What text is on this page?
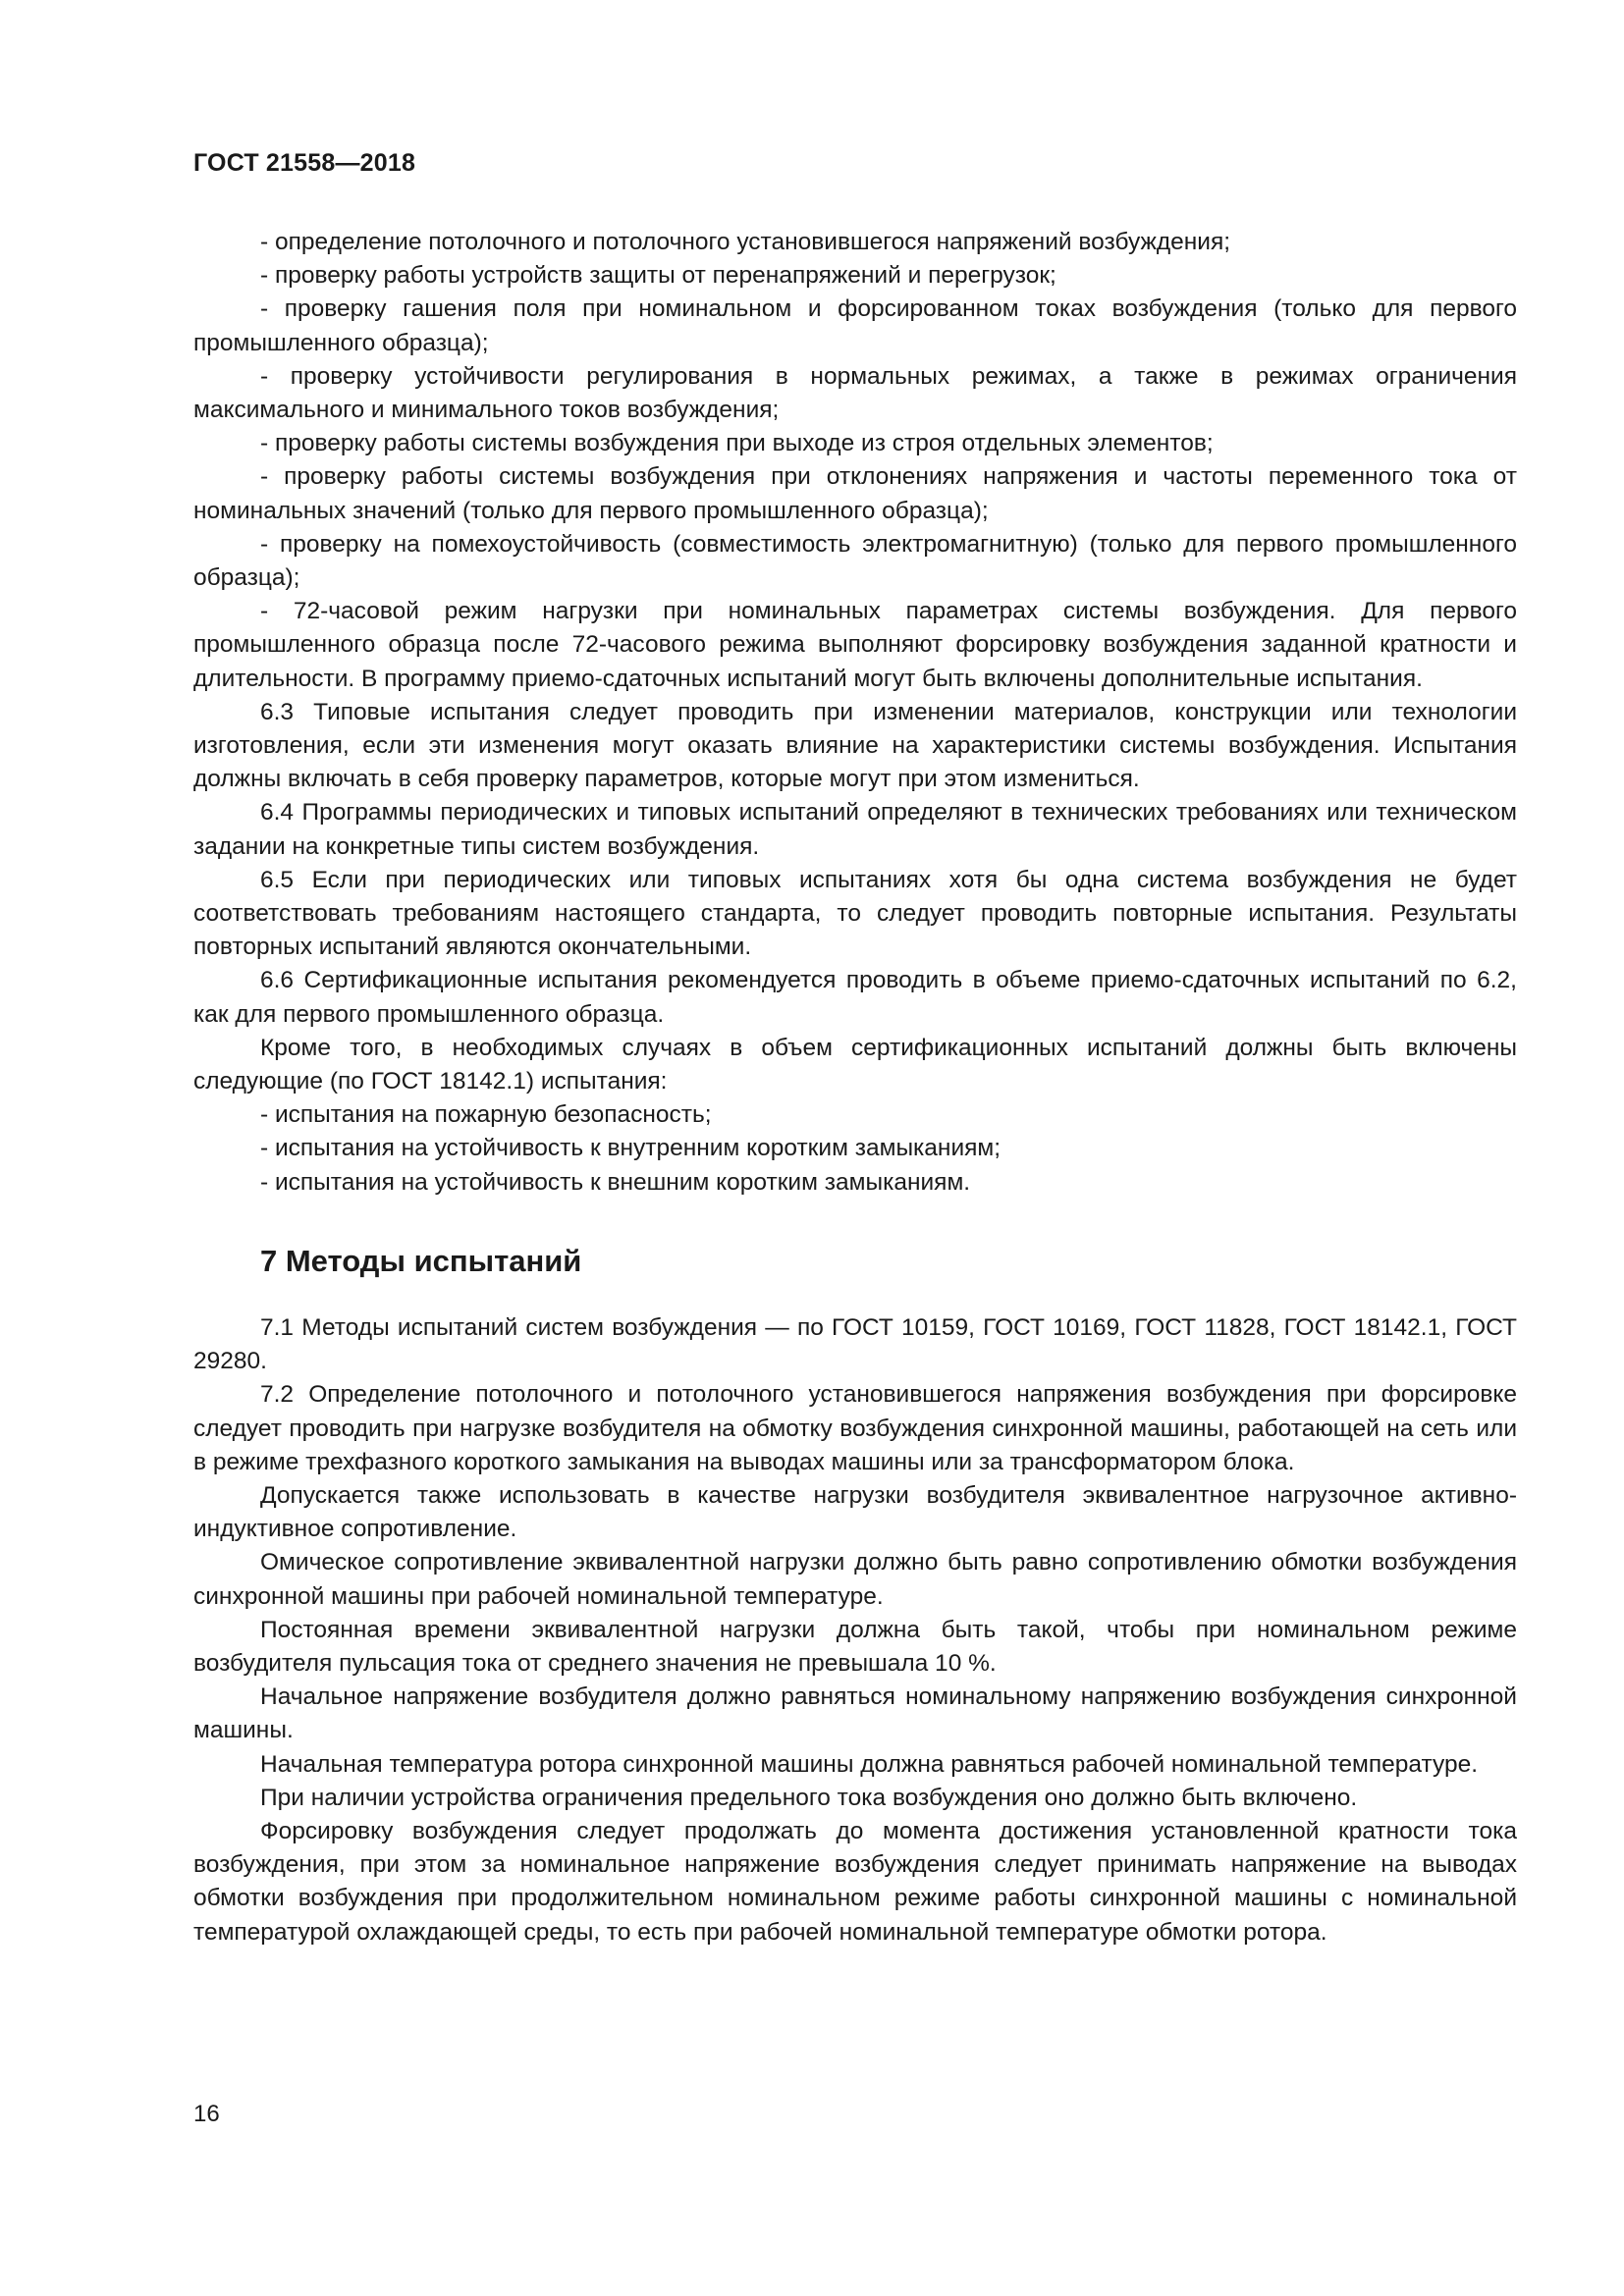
ГОСТ 21558—2018

- определение потолочного и потолочного установившегося напряжений возбуждения;

- проверку работы устройств защиты от перенапряжений и перегрузок;

- проверку гашения поля при номинальном и форсированном токах возбуждения (только для первого промышленного образца);

- проверку устойчивости регулирования в нормальных режимах, а также в режимах ограничения максимального и минимального токов возбуждения;

- проверку работы системы возбуждения при выходе из строя отдельных элементов;

- проверку работы системы возбуждения при отклонениях напряжения и частоты переменного тока от номинальных значений (только для первого промышленного образца);

- проверку на помехоустойчивость (совместимость электромагнитную) (только для первого промышленного образца);

- 72-часовой режим нагрузки при номинальных параметрах системы возбуждения. Для первого промышленного образца после 72-часового режима выполняют форсировку возбуждения заданной кратности и длительности. В программу приемо-сдаточных испытаний могут быть включены дополнительные испытания.

6.3 Типовые испытания следует проводить при изменении материалов, конструкции или технологии изготовления, если эти изменения могут оказать влияние на характеристики системы возбуждения. Испытания должны включать в себя проверку параметров, которые могут при этом измениться.

6.4 Программы периодических и типовых испытаний определяют в технических требованиях или техническом задании на конкретные типы систем возбуждения.

6.5 Если при периодических или типовых испытаниях хотя бы одна система возбуждения не будет соответствовать требованиям настоящего стандарта, то следует проводить повторные испытания. Результаты повторных испытаний являются окончательными.

6.6 Сертификационные испытания рекомендуется проводить в объеме приемо-сдаточных испытаний по 6.2, как для первого промышленного образца.

Кроме того, в необходимых случаях в объем сертификационных испытаний должны быть включены следующие (по ГОСТ 18142.1) испытания:

- испытания на пожарную безопасность;

- испытания на устойчивость к внутренним коротким замыканиям;

- испытания на устойчивость к внешним коротким замыканиям.

7 Методы испытаний

7.1 Методы испытаний систем возбуждения — по ГОСТ 10159, ГОСТ 10169, ГОСТ 11828, ГОСТ 18142.1, ГОСТ 29280.

7.2 Определение потолочного и потолочного установившегося напряжения возбуждения при форсировке следует проводить при нагрузке возбудителя на обмотку возбуждения синхронной машины, работающей на сеть или в режиме трехфазного короткого замыкания на выводах машины или за трансформатором блока.

Допускается также использовать в качестве нагрузки возбудителя эквивалентное нагрузочное активно-индуктивное сопротивление.

Омическое сопротивление эквивалентной нагрузки должно быть равно сопротивлению обмотки возбуждения синхронной машины при рабочей номинальной температуре.

Постоянная времени эквивалентной нагрузки должна быть такой, чтобы при номинальном режиме возбудителя пульсация тока от среднего значения не превышала 10 %.

Начальное напряжение возбудителя должно равняться номинальному напряжению возбуждения синхронной машины.

Начальная температура ротора синхронной машины должна равняться рабочей номинальной температуре.

При наличии устройства ограничения предельного тока возбуждения оно должно быть включено.

Форсировку возбуждения следует продолжать до момента достижения установленной кратности тока возбуждения, при этом за номинальное напряжение возбуждения следует принимать напряжение на выводах обмотки возбуждения при продолжительном номинальном режиме работы синхронной машины с номинальной температурой охлаждающей среды, то есть при рабочей номинальной температуре обмотки ротора.

16
